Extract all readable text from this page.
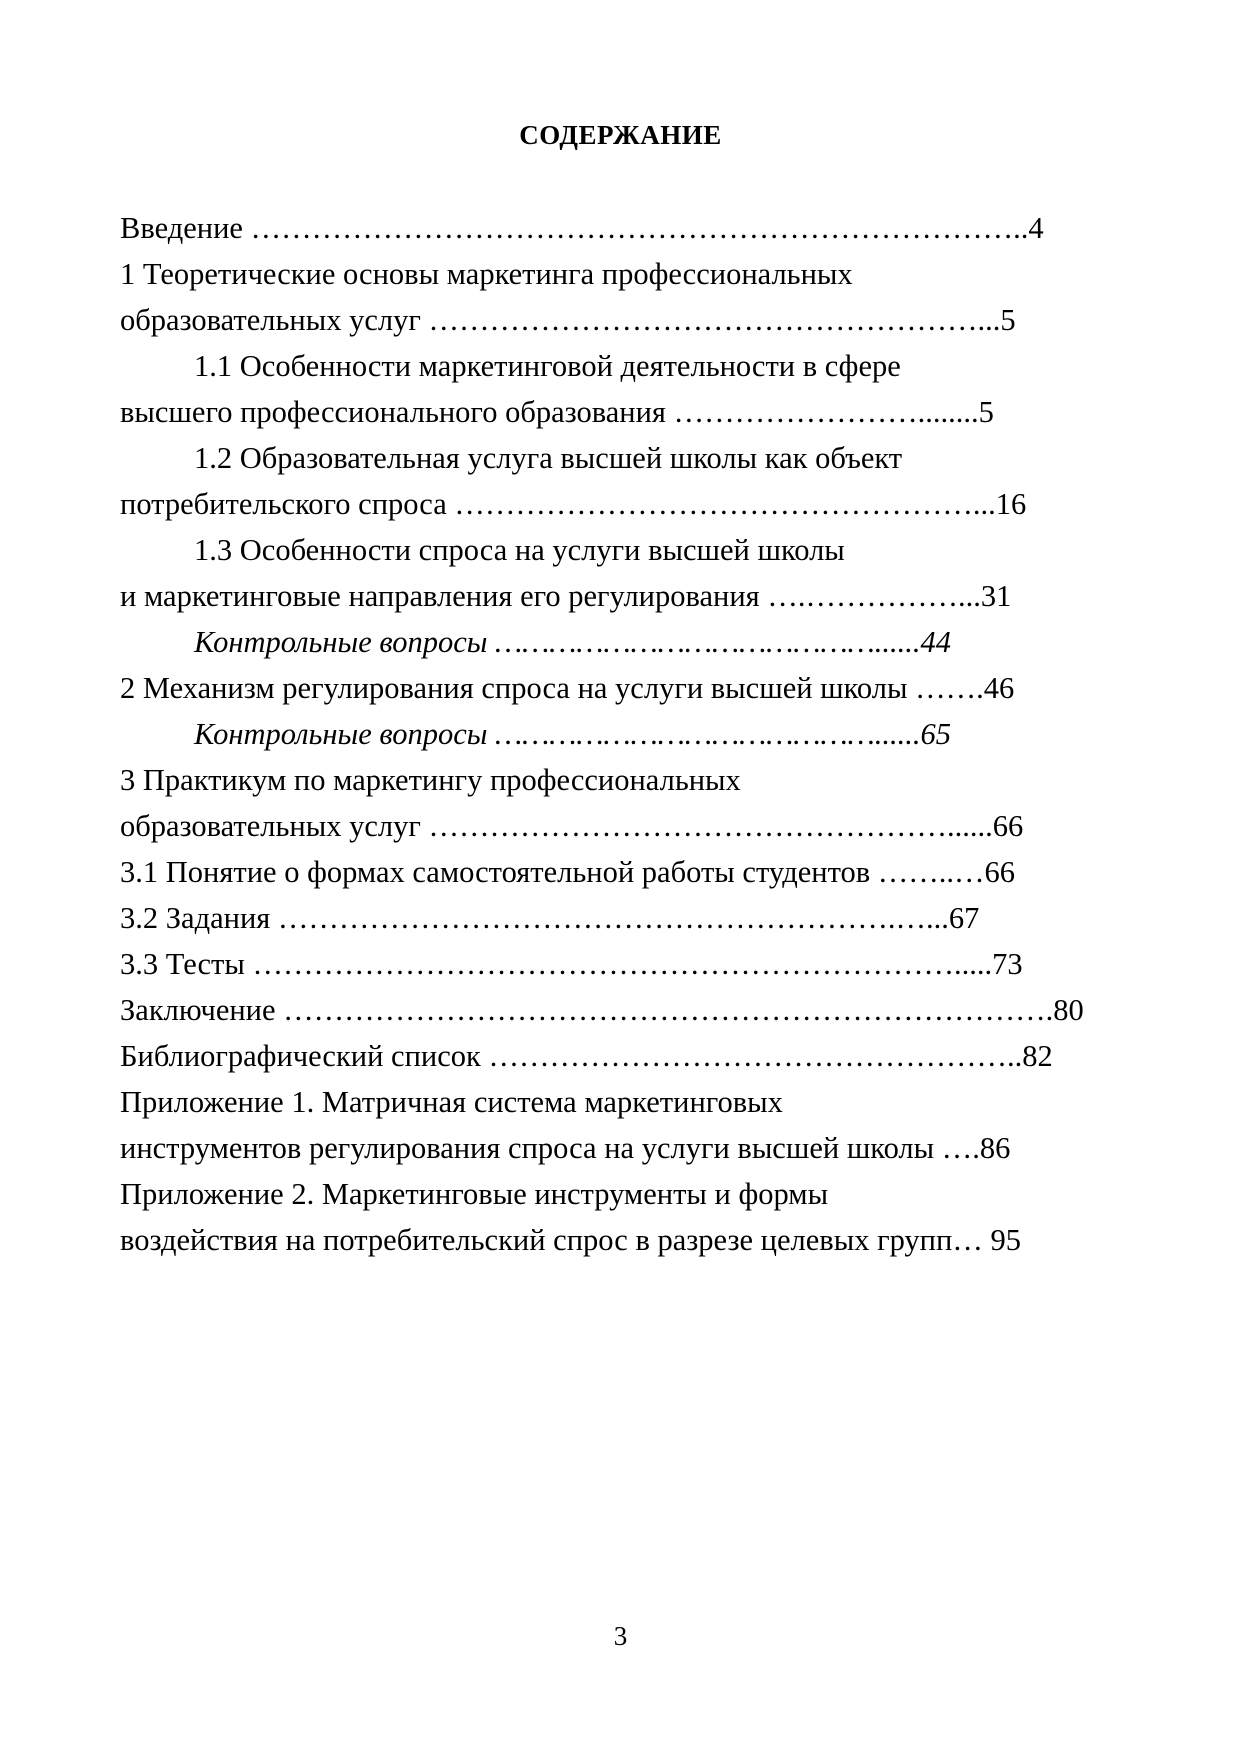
СОДЕРЖАНИЕ
Введение …………………………………………………………………..4
1 Теоретические основы маркетинга профессиональных
образовательных услуг ………………………………………………...5
1.1 Особенности маркетинговой деятельности в сфере
высшего профессионального образования ……………………........5
1.2 Образовательная услуга высшей школы как объект
потребительского спроса ……………………………………………...16
1.3 Особенности спроса на услуги высшей школы
и маркетинговые направления его регулирования ….……………...31
Контрольные вопросы ……………………………………......44
2 Механизм регулирования спроса на услуги высшей школы …….46
Контрольные вопросы ……………………………………......65
3 Практикум по маркетингу профессиональных
образовательных услуг ……………………………………………......66
3.1 Понятие о формах самостоятельной работы студентов ……..…66
3.2 Задания …………………………………………………….…...67
3.3 Тесты …………………………………………………………….....73
Заключение ………………………………………………………………….80
Библиографический список ……………………………………………..82
Приложение 1. Матричная система маркетинговых
инструментов регулирования спроса на услуги высшей школы ….86
Приложение 2. Маркетинговые инструменты и формы
воздействия на потребительский спрос в разрезе целевых групп… 95
3
